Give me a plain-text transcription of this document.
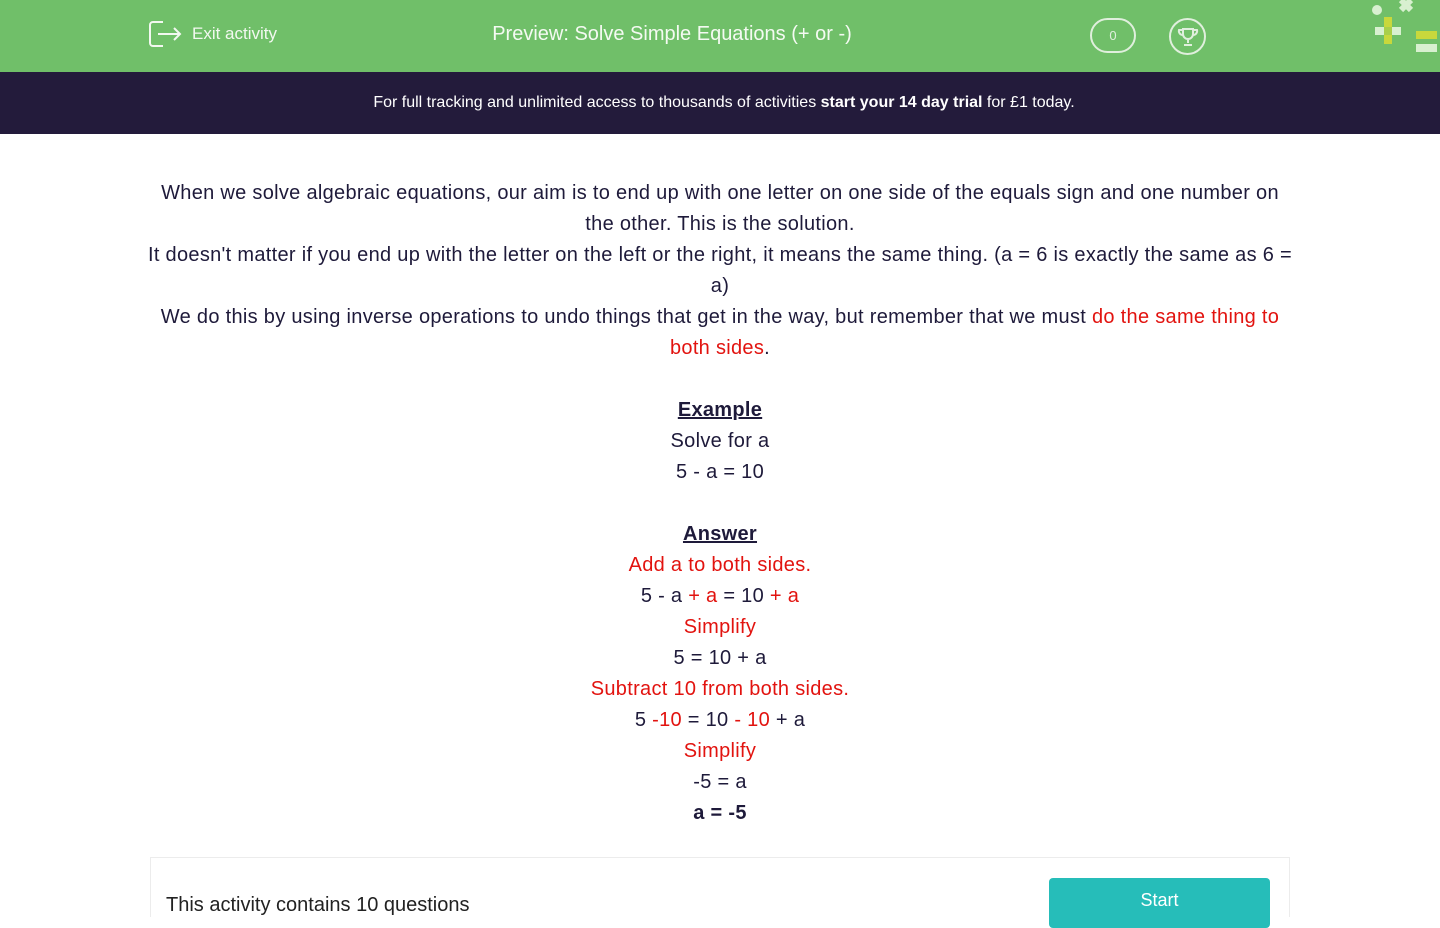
Exit activity	Preview: Solve Simple Equations (+ or -)	0
For full tracking and unlimited access to thousands of activities start your 14 day trial for £1 today.
When we solve algebraic equations, our aim is to end up with one letter on one side of the equals sign and one number on the other. This is the solution.
It doesn't matter if you end up with the letter on the left or the right, it means the same thing. (a = 6 is exactly the same as 6 = a)
We do this by using inverse operations to undo things that get in the way, but remember that we must do the same thing to both sides.
Example
Solve for a
5 - a = 10
Answer
Add a to both sides.
5 - a + a = 10 + a
Simplify
5 = 10 + a
Subtract 10 from both sides.
5 -10 = 10 - 10 + a
Simplify
-5 = a
a = -5
This activity contains 10 questions	Start
